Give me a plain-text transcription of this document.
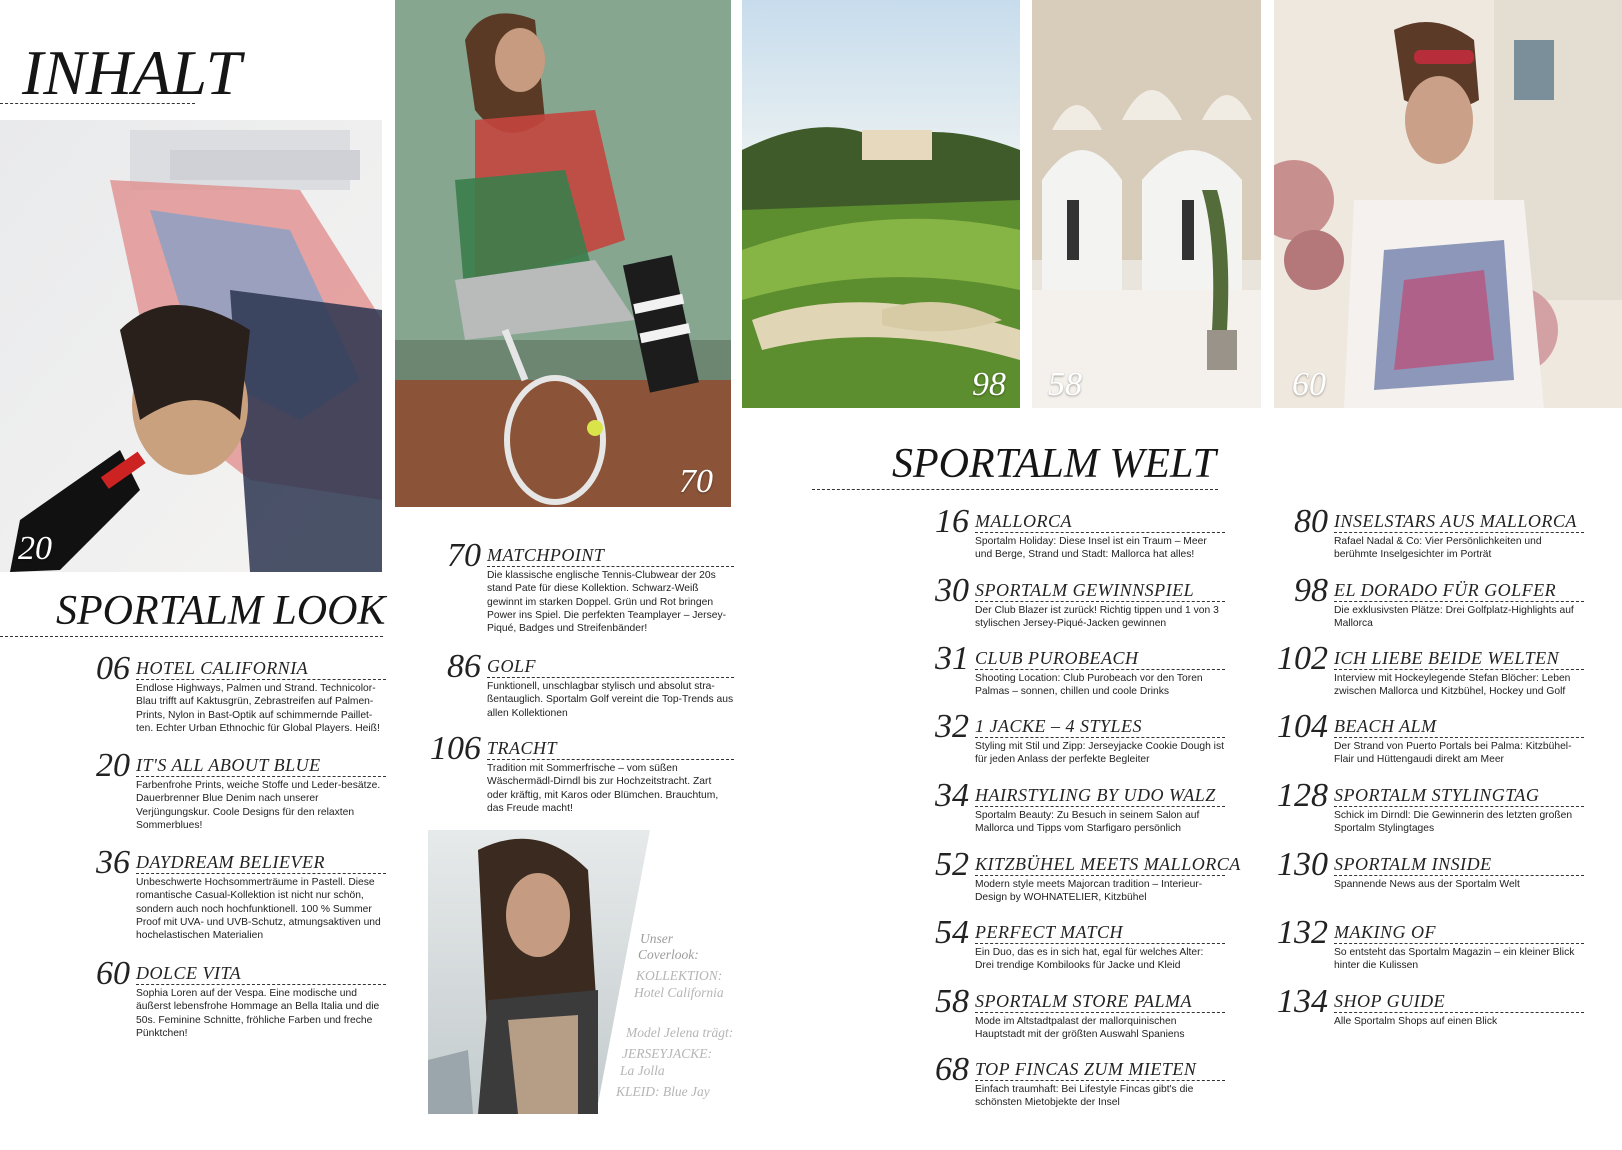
INHALT
20
70
98 58	60
Unser
Coverlook:
KOLLEKTION:
Hotel California
Model Jelena trägt:
JERSEYJACKE:
La Jolla
KLEID: Blue Jay
SPORTALM LOOK
06 HOTEL CALIFORNIA
Endlose Highways, Palmen und Strand. Technicolor-Blau trifft auf Kaktusgrün, Zebrastreifen auf Palmen-Prints, Nylon in Bast-Optik auf schimmernde Paillet-ten. Echter Urban Ethnochic für Global Players. Heiß!
20 IT'S ALL ABOUT BLUE
Farbenfrohe Prints, weiche Stoffe und Leder-besätze. Dauerbrenner Blue Denim nach unserer Verjüngungskur. Coole Designs für den relaxten Sommerblues!
36 DAYDREAM BELIEVER
Unbeschwerte Hochsommerträume in Pastell. Diese romantische Casual-Kollektion ist nicht nur schön, sondern auch noch hochfunktionell. 100 % Summer Proof mit UVA- und UVB-Schutz, atmungsaktiven und hochelastischen Materialien
60 DOLCE VITA
Sophia Loren auf der Vespa. Eine modische und äußerst lebensfrohe Hommage an Bella Italia und die 50s. Feminine Schnitte, fröhliche Farben und freche Pünktchen!
70 MATCHPOINT
Die klassische englische Tennis-Clubwear der 20s stand Pate für diese Kollektion. Schwarz-Weiß gewinnt im starken Doppel. Grün und Rot bringen Power ins Spiel. Die perfekten Teamplayer – Jersey-Piqué, Badges und Streifenbänder!
86 GOLF
Funktionell, unschlagbar stylisch und absolut stra-ßentauglich. Sportalm Golf vereint die Top-Trends aus allen Kollektionen
106 TRACHT
Tradition mit Sommerfrische – vom süßen Wäschermädl-Dirndl bis zur Hochzeitstracht. Zart oder kräftig, mit Karos oder Blümchen. Brauchtum, das Freude macht!
SPORTALM WELT
16 MALLORCA
Sportalm Holiday: Diese Insel ist ein Traum – Meer und Berge, Strand und Stadt: Mallorca hat alles!
30 SPORTALM GEWINNSPIEL
Der Club Blazer ist zurück! Richtig tippen und 1 von 3 stylischen Jersey-Piqué-Jacken gewinnen
31 CLUB PUROBEACH
Shooting Location: Club Purobeach vor den Toren Palmas – sonnen, chillen und coole Drinks
32 1 JACKE – 4 STYLES
Styling mit Stil und Zipp: Jerseyjacke Cookie Dough ist für jeden Anlass der perfekte Begleiter
34 HAIRSTYLING BY UDO WALZ
Sportalm Beauty: Zu Besuch in seinem Salon auf Mallorca und Tipps vom Starfigaro persönlich
52 KITZBÜHEL MEETS MALLORCA
Modern style meets Majorcan tradition – Interieur-Design by WOHNATELIER, Kitzbühel
54 PERFECT MATCH
Ein Duo, das es in sich hat, egal für welches Alter: Drei trendige Kombilooks für Jacke und Kleid
58 SPORTALM STORE PALMA
Mode im Altstadtpalast der mallorquinischen Hauptstadt mit der größten Auswahl Spaniens
68 TOP FINCAS ZUM MIETEN
Einfach traumhaft: Bei Lifestyle Fincas gibt's die schönsten Mietobjekte der Insel
80 INSELSTARS AUS MALLORCA
Rafael Nadal & Co: Vier Persönlichkeiten und berühmte Inselgesichter im Porträt
98 EL DORADO FÜR GOLFER
Die exklusivsten Plätze: Drei Golfplatz-Highlights auf Mallorca
102 ICH LIEBE BEIDE WELTEN
Interview mit Hockeylegende Stefan Blöcher: Leben zwischen Mallorca und Kitzbühel, Hockey und Golf
104 BEACH ALM
Der Strand von Puerto Portals bei Palma: Kitzbühel-Flair und Hüttengaudi direkt am Meer
128 SPORTALM STYLINGTAG
Schick im Dirndl: Die Gewinnerin des letzten großen Sportalm Stylingtages
130 SPORTALM INSIDE
Spannende News aus der Sportalm Welt
132 MAKING OF
So entsteht das Sportalm Magazin – ein kleiner Blick hinter die Kulissen
134 SHOP GUIDE
Alle Sportalm Shops auf einen Blick
